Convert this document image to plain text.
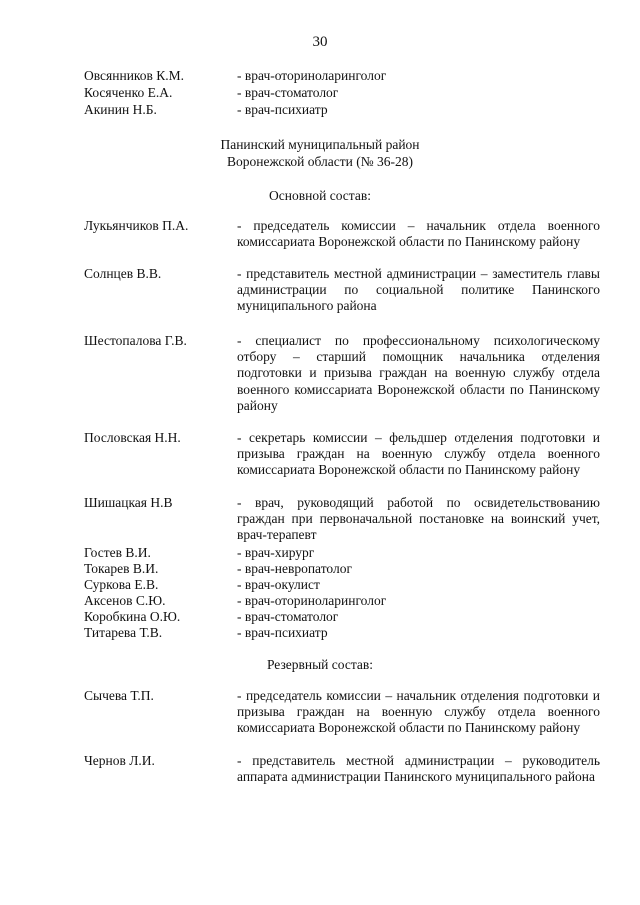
30
Овсянников К.М.	- врач-оториноларинголог
Косяченко Е.А.	- врач-стоматолог
Акинин Н.Б.	- врач-психиатр
Панинский муниципальный район
Воронежской области (№ 36-28)
Основной состав:
Лукьянчиков П.А.	- председатель комиссии – начальник отдела военного комиссариата Воронежской области по Панинскому району
Солнцев В.В.	- представитель местной администрации – заместитель главы администрации по социальной политике Панинского муниципального района
Шестопалова Г.В.	- специалист по профессиональному психологическому отбору – старший помощник начальника отделения подготовки и призыва граждан на военную службу отдела военного комиссариата Воронежской области по Панинскому району
Пословская Н.Н.	- секретарь комиссии – фельдшер отделения подготовки и призыва граждан на военную службу отдела военного комиссариата Воронежской области по Панинскому району
Шишацкая Н.В	- врач, руководящий работой по освидетельствованию граждан при первоначальной постановке на воинский учет, врач-терапевт
Гостев В.И.	- врач-хирург
Токарев В.И.	- врач-невропатолог
Суркова Е.В.	- врач-окулист
Аксенов С.Ю.	- врач-оториноларинголог
Коробкина О.Ю.	- врач-стоматолог
Титарева Т.В.	- врач-психиатр
Резервный состав:
Сычева Т.П.	- председатель комиссии – начальник отделения подготовки и призыва граждан на военную службу отдела военного комиссариата Воронежской области по Панинскому району
Чернов Л.И.	- представитель местной администрации – руководитель аппарата администрации Панинского муниципального района
